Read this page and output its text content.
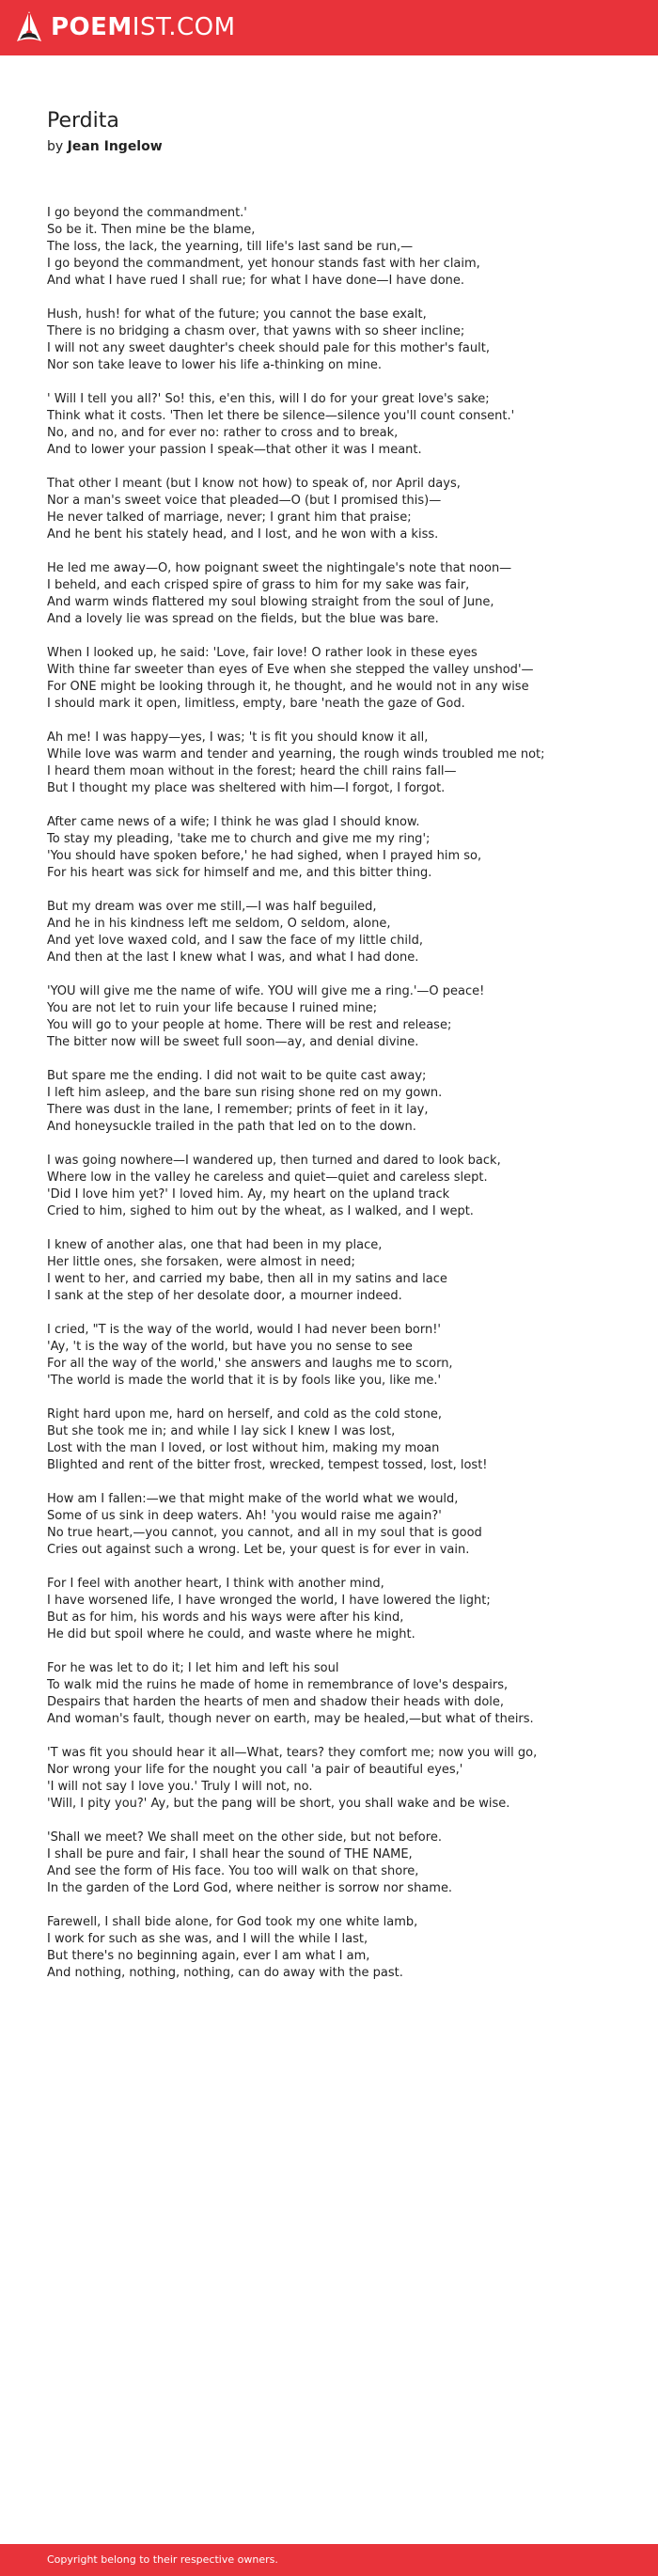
POEMIST.COM
Perdita
by Jean Ingelow
I go beyond the commandment.'
So be it. Then mine be the blame,
The loss, the lack, the yearning, till life's last sand be run,—
I go beyond the commandment, yet honour stands fast with her claim,
And what I have rued I shall rue; for what I have done—I have done.
Hush, hush! for what of the future; you cannot the base exalt,
There is no bridging a chasm over, that yawns with so sheer incline;
I will not any sweet daughter's cheek should pale for this mother's fault,
Nor son take leave to lower his life a-thinking on mine.
' Will I tell you all?' So! this, e'en this, will I do for your great love's sake;
Think what it costs. 'Then let there be silence—silence you'll count consent.'
No, and no, and for ever no: rather to cross and to break,
And to lower your passion I speak—that other it was I meant.
That other I meant (but I know not how) to speak of, nor April days,
Nor a man's sweet voice that pleaded—O (but I promised this)—
He never talked of marriage, never; I grant him that praise;
And he bent his stately head, and I lost, and he won with a kiss.
He led me away—O, how poignant sweet the nightingale's note that noon—
I beheld, and each crisped spire of grass to him for my sake was fair,
And warm winds flattered my soul blowing straight from the soul of June,
And a lovely lie was spread on the fields, but the blue was bare.
When I looked up, he said: 'Love, fair love! O rather look in these eyes
With thine far sweeter than eyes of Eve when she stepped the valley unshod'—
For ONE might be looking through it, he thought, and he would not in any wise
I should mark it open, limitless, empty, bare 'neath the gaze of God.
Ah me! I was happy—yes, I was; 't is fit you should know it all,
While love was warm and tender and yearning, the rough winds troubled me not;
I heard them moan without in the forest; heard the chill rains fall—
But I thought my place was sheltered with him—I forgot, I forgot.
After came news of a wife; I think he was glad I should know.
To stay my pleading, 'take me to church and give me my ring';
'You should have spoken before,' he had sighed, when I prayed him so,
For his heart was sick for himself and me, and this bitter thing.
But my dream was over me still,—I was half beguiled,
And he in his kindness left me seldom, O seldom, alone,
And yet love waxed cold, and I saw the face of my little child,
And then at the last I knew what I was, and what I had done.
'YOU will give me the name of wife. YOU will give me a ring.'—O peace!
You are not let to ruin your life because I ruined mine;
You will go to your people at home. There will be rest and release;
The bitter now will be sweet full soon—ay, and denial divine.
But spare me the ending. I did not wait to be quite cast away;
I left him asleep, and the bare sun rising shone red on my gown.
There was dust in the lane, I remember; prints of feet in it lay,
And honeysuckle trailed in the path that led on to the down.
I was going nowhere—I wandered up, then turned and dared to look back,
Where low in the valley he careless and quiet—quiet and careless slept.
'Did I love him yet?' I loved him. Ay, my heart on the upland track
Cried to him, sighed to him out by the wheat, as I walked, and I wept.
I knew of another alas, one that had been in my place,
Her little ones, she forsaken, were almost in need;
I went to her, and carried my babe, then all in my satins and lace
I sank at the step of her desolate door, a mourner indeed.
I cried, "T is the way of the world, would I had never been born!'
'Ay, 't is the way of the world, but have you no sense to see
For all the way of the world,' she answers and laughs me to scorn,
'The world is made the world that it is by fools like you, like me.'
Right hard upon me, hard on herself, and cold as the cold stone,
But she took me in; and while I lay sick I knew I was lost,
Lost with the man I loved, or lost without him, making my moan
Blighted and rent of the bitter frost, wrecked, tempest tossed, lost, lost!
How am I fallen:—we that might make of the world what we would,
Some of us sink in deep waters. Ah! 'you would raise me again?'
No true heart,—you cannot, you cannot, and all in my soul that is good
Cries out against such a wrong. Let be, your quest is for ever in vain.
For I feel with another heart, I think with another mind,
I have worsened life, I have wronged the world, I have lowered the light;
But as for him, his words and his ways were after his kind,
He did but spoil where he could, and waste where he might.
For he was let to do it; I let him and left his soul
To walk mid the ruins he made of home in remembrance of love's despairs,
Despairs that harden the hearts of men and shadow their heads with dole,
And woman's fault, though never on earth, may be healed,—but what of theirs.
'T was fit you should hear it all—What, tears? they comfort me; now you will go,
Nor wrong your life for the nought you call 'a pair of beautiful eyes,'
'I will not say I love you.' Truly I will not, no.
'Will, I pity you?' Ay, but the pang will be short, you shall wake and be wise.
'Shall we meet? We shall meet on the other side, but not before.
I shall be pure and fair, I shall hear the sound of THE NAME,
And see the form of His face. You too will walk on that shore,
In the garden of the Lord God, where neither is sorrow nor shame.
Farewell, I shall bide alone, for God took my one white lamb,
I work for such as she was, and I will the while I last,
But there's no beginning again, ever I am what I am,
And nothing, nothing, nothing, can do away with the past.
Copyright belong to their respective owners.
